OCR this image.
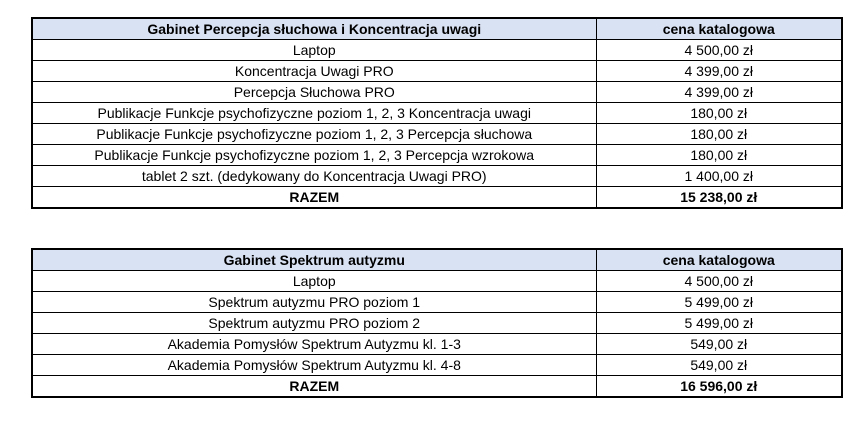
Gabinet Percepcja słuchowa i Koncentracja uwagi	cena katalogowa
Laptop	4 500,00 zł
Koncentracja Uwagi PRO	4 399,00 zł
Percepcja Słuchowa PRO	4 399,00 zł
Publikacje Funkcje psychofizyczne poziom 1, 2, 3 Koncentracja uwagi	180,00 zł
Publikacje Funkcje psychofizyczne poziom 1, 2, 3 Percepcja słuchowa	180,00 zł
Publikacje Funkcje psychofizyczne poziom 1, 2, 3 Percepcja wzrokowa	180,00 zł
tablet 2 szt. (dedykowany do Koncentracja Uwagi PRO)	1 400,00 zł
RAZEM	15 238,00 zł
Gabinet Spektrum autyzmu	cena katalogowa
Laptop	4 500,00 zł
Spektrum autyzmu PRO poziom 1	5 499,00 zł
Spektrum autyzmu PRO poziom 2	5 499,00 zł
Akademia Pomysłów Spektrum Autyzmu kl. 1-3	549,00 zł
Akademia Pomysłów Spektrum Autyzmu kl. 4-8	549,00 zł
RAZEM	16 596,00 zł
